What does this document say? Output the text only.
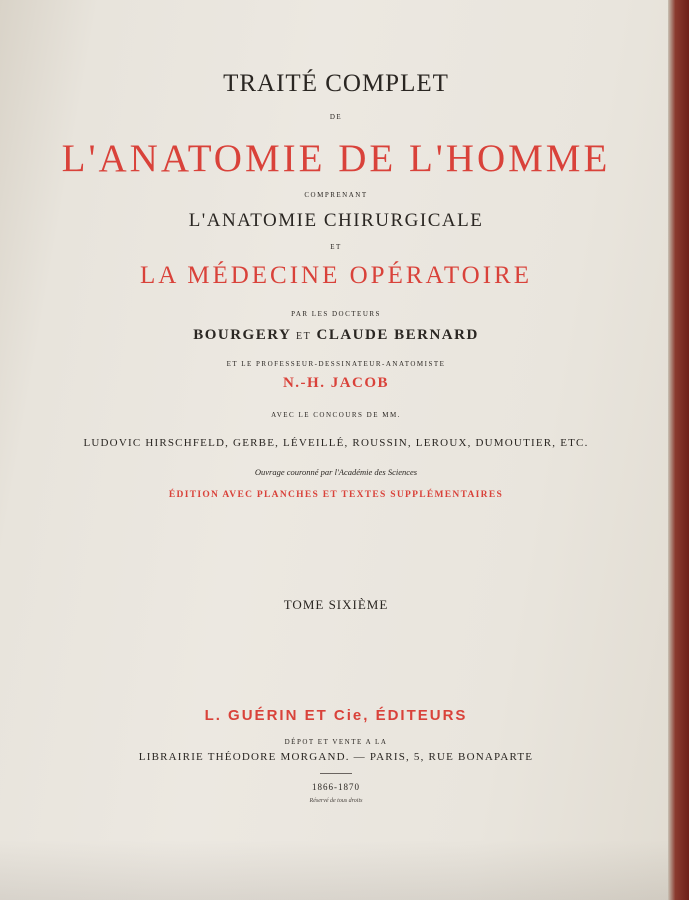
TRAITÉ COMPLET
DE
L'ANATOMIE DE L'HOMME
COMPRENANT
L'ANATOMIE CHIRURGICALE
ET
LA MÉDECINE OPÉRATOIRE
PAR LES DOCTEURS
BOURGERY ET CLAUDE BERNARD
ET LE PROFESSEUR-DESSINATEUR-ANATOMISTE
N.-H. JACOB
AVEC LE CONCOURS DE MM.
LUDOVIC HIRSCHFELD, GERBE, LÉVEILLÉ, ROUSSIN, LEROUX, DUMOUTIER, ETC.
Ouvrage couronné par l'Académie des Sciences
ÉDITION AVEC PLANCHES ET TEXTES SUPPLÉMENTAIRES
TOME SIXIÈME
L. GUÉRIN ET Cie, ÉDITEURS
DÉPOT ET VENTE A LA
LIBRAIRIE THÉODORE MORGAND. — PARIS, 5, RUE BONAPARTE
1866-1870
Réservé de tous droits
